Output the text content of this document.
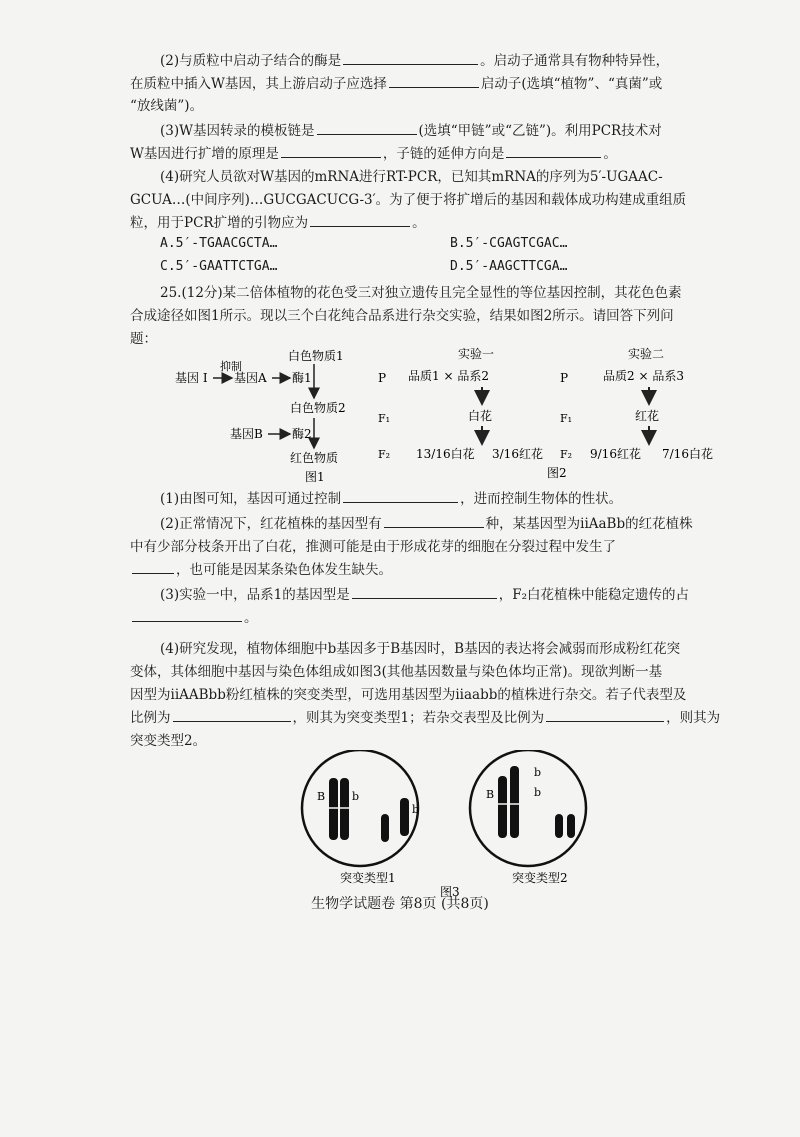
(2)与质粒中启动子结合的酶是	。启动子通常具有物种特异性，

在质粒中插入W基因，其上游启动子应选择	启动子(选填“植物”、“真菌”或

“放线菌”)。

(3)W基因转录的模板链是	(选填“甲链”或“乙链”)。利用PCR技术对

W基因进行扩增的原理是	，子链的延伸方向是	。

(4)研究人员欲对W基因的mRNA进行RT-PCR，已知其mRNA的序列为5′-UGAAC-

GCUA…(中间序列)…GUCGACUCG-3′。为了便于将扩增后的基因和载体成功构建成重组质

粒，用于PCR扩增的引物应为	。

A.5′-TGAACGCTA…	B.5′-CGAGTCGAC…
C.5′-GAATTCTGA…	D.5′-AAGCTTCGA…

25.(12分)某二倍体植物的花色受三对独立遗传且完全显性的等位基因控制，其花色色素

合成途径如图1所示。现以三个白花纯合品系进行杂交实验，结果如图2所示。请回答下列问

题：

白色物质1
抑制
基因 I 基因A 酶1
白色物质2
基因B 酶2
红色物质
图1
实验一	实验二
P	P
品质1 × 品系2	品质2 × 品系3
F₁	F₁
白花	红花
F₂	F₂
13/16白花 3/16红花	9/16红花 7/16白花
图2

(1)由图可知，基因可通过控制	，进而控制生物体的性状。

(2)正常情况下，红花植株的基因型有	种，某基因型为iiAaBb的红花植株

中有少部分枝条开出了白花，推测可能是由于形成花芽的细胞在分裂过程中发生了

，也可能是因某条染色体发生缺失。

(3)实验一中，品系1的基因型是	，F₂白花植株中能稳定遗传的占

。

(4)研究发现，植物体细胞中b基因多于B基因时，B基因的表达将会减弱而形成粉红花突

变体，其体细胞中基因与染色体组成如图3(其他基因数量与染色体均正常)。现欲判断一基

因型为iiAABbb粉红植株的突变类型，可选用基因型为iiaabb的植株进行杂交。若子代表型及

比例为	，则其为突变类型1；若杂交表型及比例为	，则其为

突变类型2。

B b
b
突变类型1
B
b
b
突变类型2
图3
生物学试题卷 第8页 (共8页)
